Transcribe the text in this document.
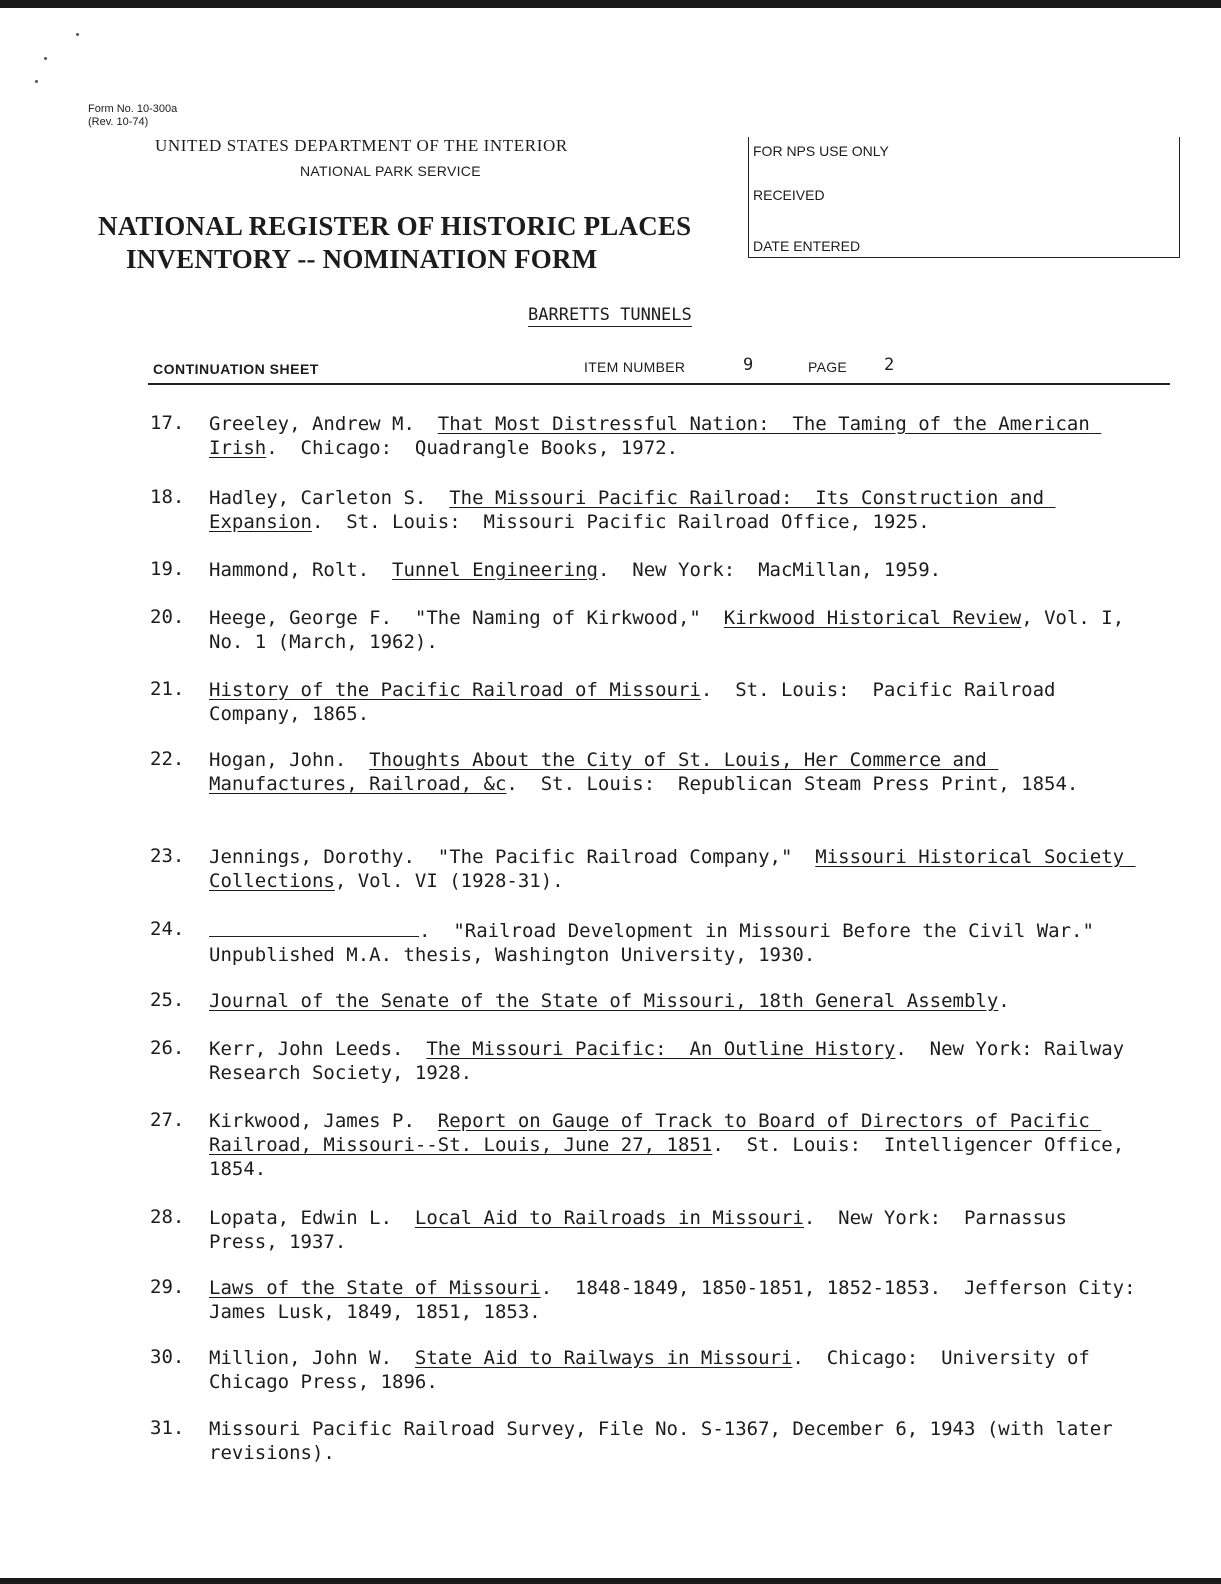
Form No. 10-300a
(Rev. 10-74)
UNITED STATES DEPARTMENT OF THE INTERIOR
NATIONAL PARK SERVICE
NATIONAL REGISTER OF HISTORIC PLACES
INVENTORY -- NOMINATION FORM
FOR NPS USE ONLY
RECEIVED
DATE ENTERED
BARRETTS TUNNELS
CONTINUATION SHEET	ITEM NUMBER	9	PAGE 2
17. Greeley, Andrew M.  That Most Distressful Nation:  The Taming of the American Irish.  Chicago:  Quadrangle Books, 1972.
18. Hadley, Carleton S.  The Missouri Pacific Railroad:  Its Construction and Expansion.  St. Louis:  Missouri Pacific Railroad Office, 1925.
19. Hammond, Rolt.  Tunnel Engineering.  New York:  MacMillan, 1959.
20. Heege, George F.  "The Naming of Kirkwood,"  Kirkwood Historical Review, Vol. I, No. 1 (March, 1962).
21. History of the Pacific Railroad of Missouri.  St. Louis:  Pacific Railroad Company, 1865.
22. Hogan, John.  Thoughts About the City of St. Louis, Her Commerce and Manufactures, Railroad, &c.  St. Louis:  Republican Steam Press Print, 1854.
23. Jennings, Dorothy.  "The Pacific Railroad Company,"  Missouri Historical Society Collections, Vol. VI (1928-31).
24.	.  "Railroad Development in Missouri Before the Civil War."  Unpublished M.A. thesis, Washington University, 1930.
25. Journal of the Senate of the State of Missouri, 18th General Assembly.
26. Kerr, John Leeds.  The Missouri Pacific:  An Outline History.  New York: Railway Research Society, 1928.
27. Kirkwood, James P.  Report on Gauge of Track to Board of Directors of Pacific Railroad, Missouri--St. Louis, June 27, 1851.  St. Louis:  Intelligencer Office, 1854.
28. Lopata, Edwin L.  Local Aid to Railroads in Missouri.  New York:  Parnassus Press, 1937.
29. Laws of the State of Missouri.  1848-1849, 1850-1851, 1852-1853.  Jefferson City:  James Lusk, 1849, 1851, 1853.
30. Million, John W.  State Aid to Railways in Missouri.  Chicago:  University of Chicago Press, 1896.
31. Missouri Pacific Railroad Survey, File No. S-1367, December 6, 1943 (with later revisions).
